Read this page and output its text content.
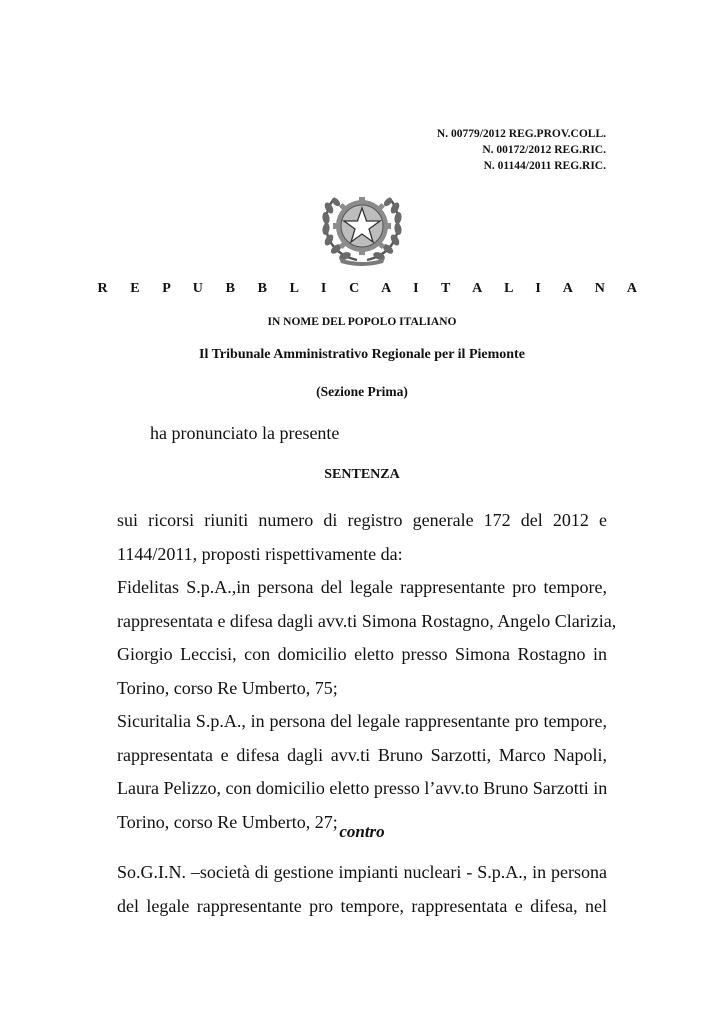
N. 00779/2012 REG.PROV.COLL.
N. 00172/2012 REG.RIC.
N. 01144/2011 REG.RIC.
R E P U B B L I C A I T A L I A N A
IN NOME DEL POPOLO ITALIANO
Il Tribunale Amministrativo Regionale per il Piemonte
(Sezione Prima)
ha pronunciato la presente
SENTENZA
sui ricorsi riuniti numero di registro generale 172 del 2012 e
1144/2011, proposti rispettivamente da:
Fidelitas S.p.A.,in persona del legale rappresentante pro tempore,
rappresentata e difesa dagli avv.ti Simona Rostagno, Angelo Clarizia,
Giorgio Leccisi, con domicilio eletto presso Simona Rostagno in
Torino, corso Re Umberto, 75;
Sicuritalia S.p.A., in persona del legale rappresentante pro tempore,
rappresentata e difesa dagli avv.ti Bruno Sarzotti, Marco Napoli,
Laura Pelizzo, con domicilio eletto presso l’avv.to Bruno Sarzotti in
Torino, corso Re Umberto, 27; contro
So.G.I.N. –società di gestione impianti nucleari - S.p.A., in persona
del legale rappresentante pro tempore, rappresentata e difesa, nel
